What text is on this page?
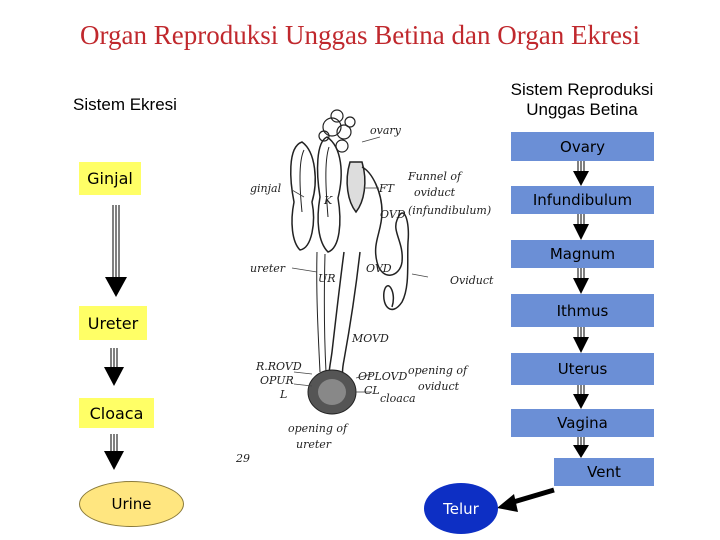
Organ Reproduksi Unggas Betina dan Organ Ekresi
Sistem Ekresi
Sistem Reproduksi
Unggas Betina
Ginjal
Ureter
Cloaca
Urine
Ovary
Infundibulum
Magnum
Ithmus
Uterus
Vagina
Vent
Telur
ovary
ginjal	FT
Funnel of
oviduct
(infundibulum)
K
OVD
ureter
UR
OVD
Oviduct
MOVD
R.ROVD
OPUR
L
OPLOVD
CL
opening of
oviduct
cloaca
opening of
ureter
29
